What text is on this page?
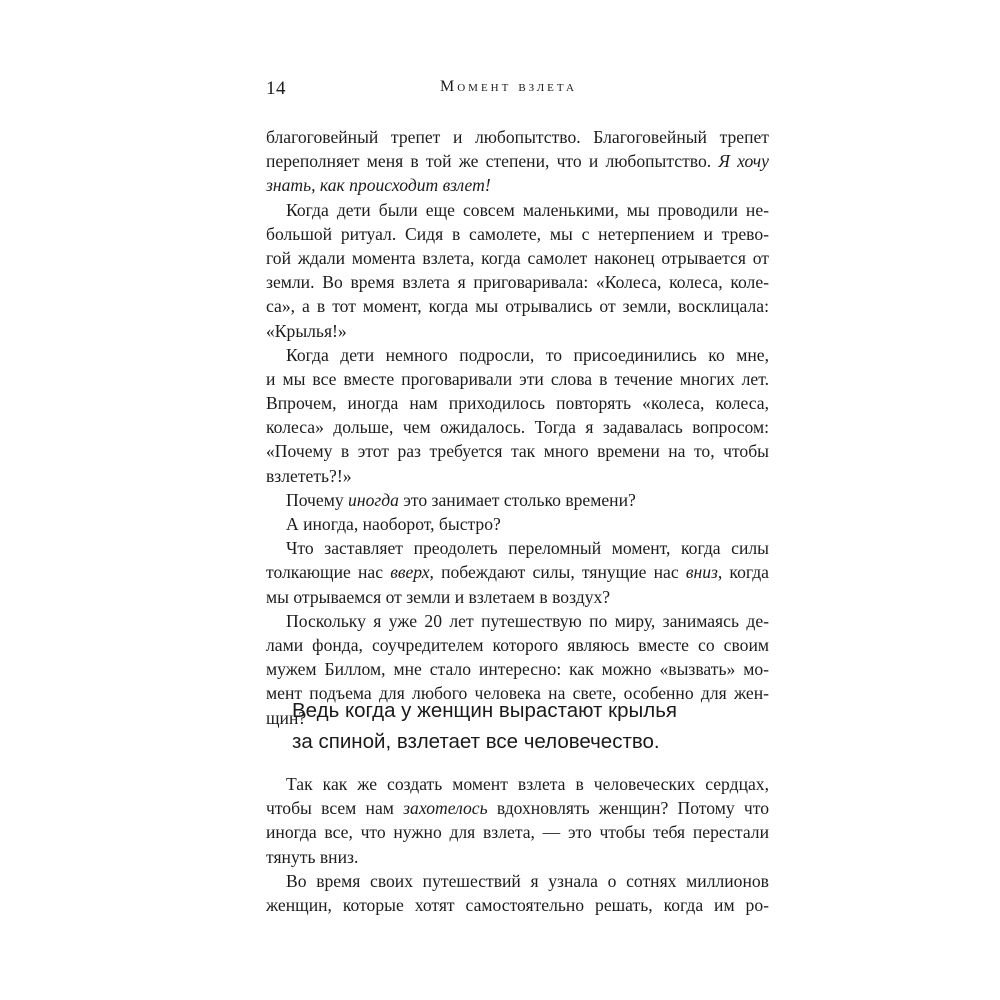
14	Момент взлета
благоговейный трепет и любопытство. Благоговейный трепет
переполняет меня в той же степени, что и любопытство. Я хочу
знать, как происходит взлет!
Когда дети были еще совсем маленькими, мы проводили не-
большой ритуал. Сидя в самолете, мы с нетерпением и трево-
гой ждали момента взлета, когда самолет наконец отрывается от
земли. Во время взлета я приговаривала: «Колеса, колеса, коле-
са», а в тот момент, когда мы отрывались от земли, восклицала:
«Крылья!»
Когда дети немного подросли, то присоединились ко мне,
и мы все вместе проговаривали эти слова в течение многих лет.
Впрочем, иногда нам приходилось повторять «колеса, колеса,
колеса» дольше, чем ожидалось. Тогда я задавалась вопросом:
«Почему в этот раз требуется так много времени на то, чтобы
взлететь?!»
Почему иногда это занимает столько времени?
А иногда, наоборот, быстро?
Что заставляет преодолеть переломный момент, когда силы
толкающие нас вверх, побеждают силы, тянущие нас вниз, когда
мы отрываемся от земли и взлетаем в воздух?
Поскольку я уже 20 лет путешествую по миру, занимаясь де-
лами фонда, соучредителем которого являюсь вместе со своим
мужем Биллом, мне стало интересно: как можно «вызвать» мо-
мент подъема для любого человека на свете, особенно для жен-
щин?
Ведь когда у женщин вырастают крылья
за спиной, взлетает все человечество.
Так как же создать момент взлета в человеческих сердцах,
чтобы всем нам захотелось вдохновлять женщин? Потому что
иногда все, что нужно для взлета, — это чтобы тебя перестали
тянуть вниз.
Во время своих путешествий я узнала о сотнях миллионов
женщин, которые хотят самостоятельно решать, когда им ро-
